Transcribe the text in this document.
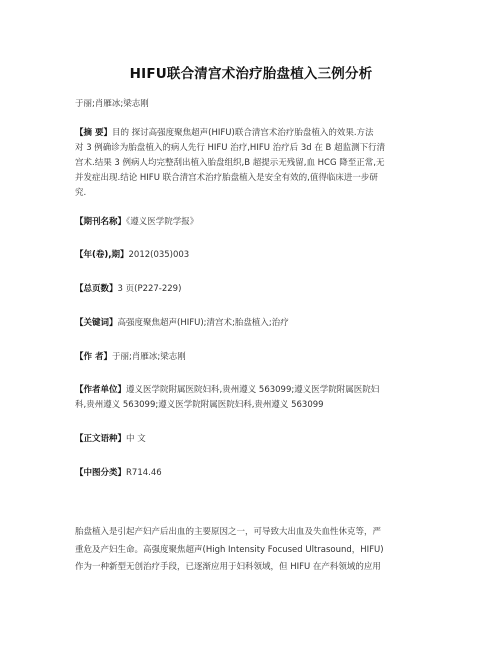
HIFU联合清宫术治疗胎盘植入三例分析
于丽;肖雁冰;梁志刚
【摘 要】目的 探讨高强度聚焦超声(HIFU)联合清宫术治疗胎盘植入的效果.方法
对 3 例确诊为胎盘植入的病人先行 HIFU 治疗,HIFU 治疗后 3d 在 B 超监测下行清
宫术.结果 3 例病人均完整刮出植入胎盘组织,B 超提示无残留,血 HCG 降至正常,无
并发症出现.结论 HIFU 联合清宫术治疗胎盘植入是安全有效的,值得临床进一步研
究.
【期刊名称】《遵义医学院学报》
【年(卷),期】2012(035)003
【总页数】3 页(P227-229)
【关键词】高强度聚焦超声(HIFU);清宫术;胎盘植入;治疗
【作 者】于丽;肖雁冰;梁志刚
【作者单位】遵义医学院附属医院妇科,贵州遵义 563099;遵义医学院附属医院妇
科,贵州遵义 563099;遵义医学院附属医院妇科,贵州遵义 563099
【正文语种】中 文
【中图分类】R714.46
胎盘植入是引起产妇产后出血的主要原因之一，可导致大出血及失血性休克等，严
重危及产妇生命。高强度聚焦超声(High Intensity Focused Ultrasound，HIFU)
作为一种新型无创治疗手段，已逐渐应用于妇科领域，但 HIFU 在产科领域的应用
